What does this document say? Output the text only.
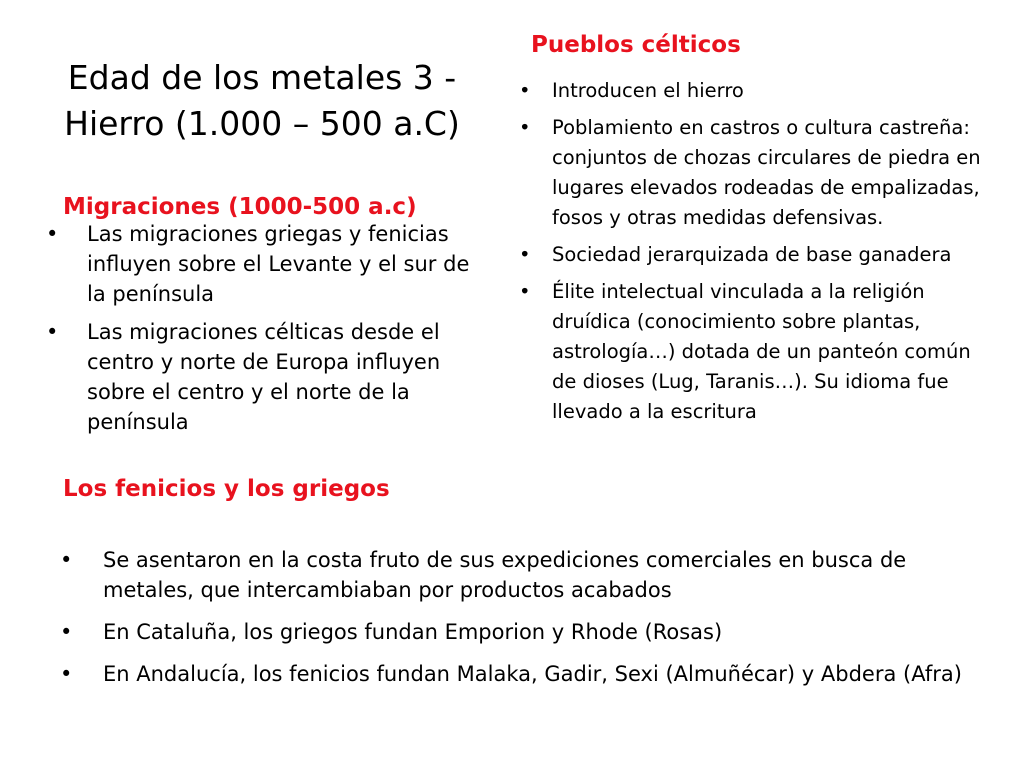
Edad de los metales 3 -
Hierro (1.000 – 500 a.C)
Pueblos célticos
• Introducen el hierro
• Poblamiento en castros o cultura castreña: conjuntos de chozas circulares de piedra en lugares elevados rodeadas de empalizadas, fosos y otras medidas defensivas.
• Sociedad jerarquizada de base ganadera
• Élite intelectual vinculada a la religión druídica (conocimiento sobre plantas, astrología…) dotada de un panteón común de dioses (Lug, Taranis…). Su idioma fue llevado a la escritura
Migraciones (1000-500 a.c)
• Las migraciones griegas y fenicias influyen sobre el Levante y el sur de la península
• Las migraciones célticas desde el centro y norte de Europa influyen sobre el centro y el norte de la península
Los fenicios y los griegos
• Se asentaron en la costa fruto de sus expediciones comerciales en busca de metales, que intercambiaban por productos acabados
• En Cataluña, los griegos fundan Emporion y Rhode (Rosas)
• En Andalucía, los fenicios fundan Malaka, Gadir, Sexi (Almuñécar) y Abdera (Afra)
